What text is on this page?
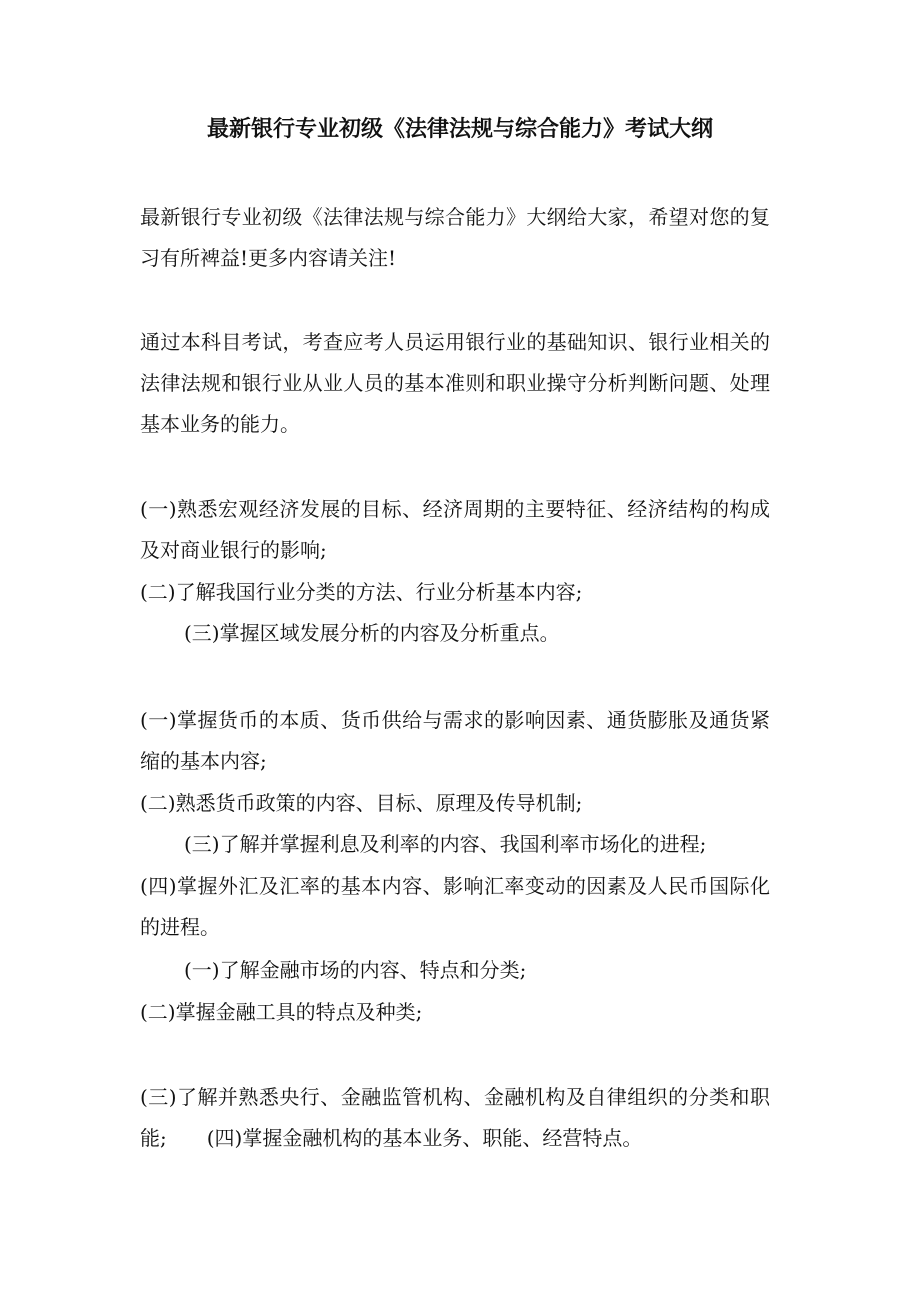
最新银行专业初级《法律法规与综合能力》考试大纲

最新银行专业初级《法律法规与综合能力》大纲给大家，希望对您的复习有所裨益!更多内容请关注!

通过本科目考试，考查应考人员运用银行业的基础知识、银行业相关的法律法规和银行业从业人员的基本准则和职业操守分析判断问题、处理基本业务的能力。

(一)熟悉宏观经济发展的目标、经济周期的主要特征、经济结构的构成及对商业银行的影响;

(二)了解我国行业分类的方法、行业分析基本内容;

(三)掌握区域发展分析的内容及分析重点。

(一)掌握货币的本质、货币供给与需求的影响因素、通货膨胀及通货紧缩的基本内容;

(二)熟悉货币政策的内容、目标、原理及传导机制;

(三)了解并掌握利息及利率的内容、我国利率市场化的进程;

(四)掌握外汇及汇率的基本内容、影响汇率变动的因素及人民币国际化的进程。

(一)了解金融市场的内容、特点和分类;

(二)掌握金融工具的特点及种类;

(三)了解并熟悉央行、金融监管机构、金融机构及自律组织的分类和职能; (四)掌握金融机构的基本业务、职能、经营特点。
